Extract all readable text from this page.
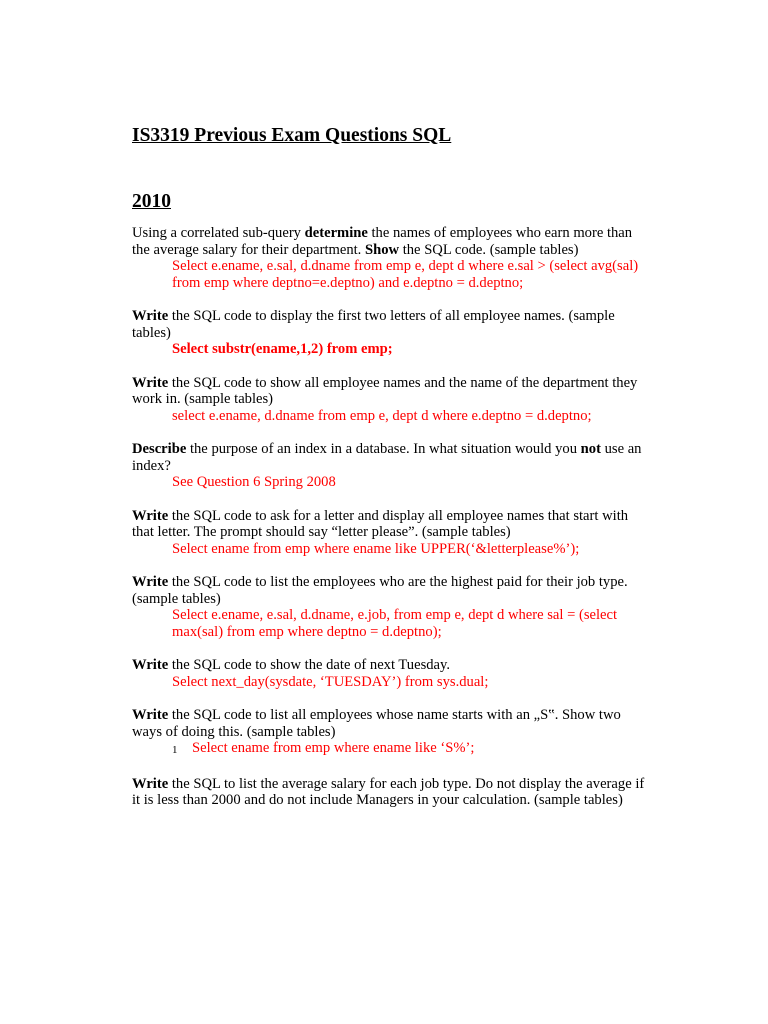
IS3319 Previous Exam Questions SQL
2010

Using a correlated sub-query determine the names of employees who earn more than the average salary for their department. Show the SQL code. (sample tables)

Select e.ename, e.sal, d.dname from emp e, dept d where e.sal > (select avg(sal) from emp where deptno=e.deptno) and e.deptno = d.deptno;

Write the SQL code to display the first two letters of all employee names. (sample tables)

Select substr(ename,1,2) from emp;

Write the SQL code to show all employee names and the name of the department they work in. (sample tables)

select e.ename, d.dname from emp e, dept d where e.deptno = d.deptno;

Describe the purpose of an index in a database. In what situation would you not use an index?

See Question 6 Spring 2008

Write the SQL code to ask for a letter and display all employee names that start with that letter. The prompt should say “letter please”. (sample tables)

Select ename from emp where ename like UPPER(‘&letterplease%’);

Write the SQL code to list the employees who are the highest paid for their job type. (sample tables)

Select e.ename, e.sal, d.dname, e.job, from emp e, dept d where sal = (select max(sal) from emp where deptno = d.deptno);

Write the SQL code to show the date of next Tuesday.

Select next_day(sysdate, ‘TUESDAY’) from sys.dual;

Write the SQL code to list all employees whose name starts with an „S‟. Show two ways of doing this. (sample tables)

1 Select ename from emp where ename like ‘S%’;

Write the SQL to list the average salary for each job type. Do not display the average if it is less than 2000 and do not include Managers in your calculation. (sample tables)
